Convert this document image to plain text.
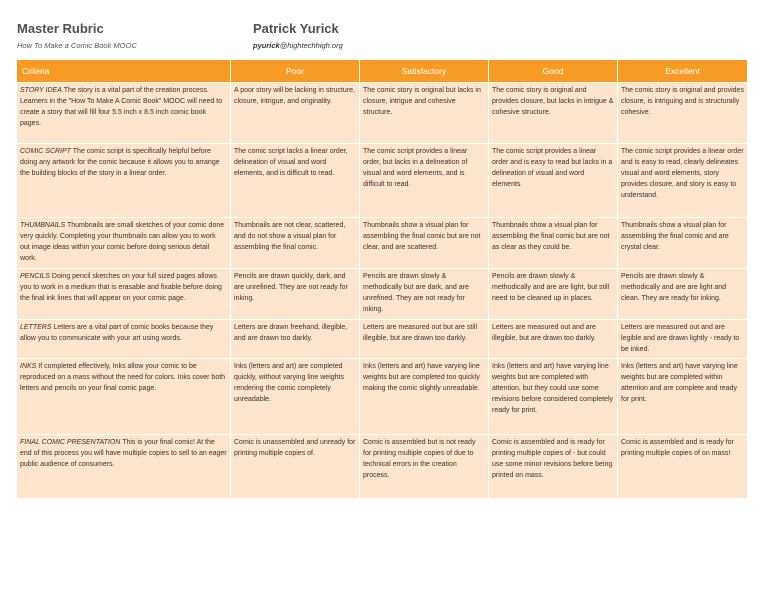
Master Rubric
How To Make a Comic Book MOOC
Patrick Yurick
pyurick@hightechhigh.org
Criteria	Poor	Satisfactory	Good	Excellent
STORY IDEA The story is a vital part of the creation process. Learners in the "How To Make A Comic Book" MOOC will need to create a story that will fill four 5.5 inch x 8.5 inch comic book pages.	A poor story will be lacking in structure, closure, intrigue, and originality.	The comic story is original but lacks in closure, intrigue and cohesive structure.	The comic story is original and provides closure, but lacks in intrigue & cohesive structure.	The comic story is original and provides closure, is intriguing and is structurally cohesive.
COMIC SCRIPT The comic script is specifically helpful before doing any artwork for the comic because it allows you to arrange the building blocks of the story in a linear order.	The comic script lacks a linear order, delineation of visual and word elements, and is difficult to read.	The comic script provides a linear order, but lacks in a delineation of visual and word elements, and is difficult to read.	The comic script provides a linear order and is easy to read but lacks in a delineation of visual and word elements.	The comic script provides a linear order and is easy to read, clearly delineates visual and word elements, story provides closure, and story is easy to understand.
THUMBNAILS Thumbnails are small sketches of your comic done very quickly. Completing your thumbnails can allow you to work out image ideas within your comic before doing serious detail work.	Thumbnails are not clear, scattered, and do not show a visual plan for assembling the final comic.	Thumbnails show a visual plan for assembling the final comic but are not clear, and are scattered.	Thumbnails show a visual plan for assembling the final comic but are not as clear as they could be.	Thumbnails show a visual plan for assembling the final comic and are crystal clear.
PENCILS Doing pencil sketches on your full sized pages allows you to work in a medium that is erasable and fixable before doing the final ink lines that will appear on your comic page.	Pencils are drawn quickly, dark, and are unrefined. They are not ready for inking.	Pencils are drawn slowly & methodically but are dark, and are unrefined. They are not ready for inking.	Pencils are drawn slowly & methodically and are are light, but still need to be cleaned up in places.	Pencils are drawn slowly & methodically and are are light and clean. They are ready for inking.
LETTERS Letters are a vital part of comic books because they allow you to communicate with your art using words.	Letters are drawn freehand, illegible, and are drawn too darkly.	Letters are measured out but are still illegible, but are drawn too darkly.	Letters are measured out and are illegible, but are drawn too darkly.	Letters are measured out and are legible and are drawn lightly - ready to be inked.
INKS If completed effectively, Inks allow your comic to be reproduced on a mass without the need for colors. Inks cover both letters and pencils on your final comic page.	Inks (letters and art) are completed quickly, without varying line weights rendering the comic completely unreadable.	Inks (letters and art) have varying line weights but are completed too quickly making the comic slightly unreadable.	Inks (letters and art) have varying line weights but are completed with attention, but they could use some revisions before considered completely ready for print.	Inks (letters and art) have varying line weights but are completed within attention and are complete and ready for print.
FINAL COMIC PRESENTATION This is your final comic! At the end of this process you will have multiple copies to sell to an eager public audience of consumers.	Comic is unassembled and unready for printing multiple copies of.	Comic is assembled but is not ready for printing multiple copies of due to technical errors in the creation process.	Comic is assembled and is ready for printing multiple copies of - but could use some minor revisions before being printed on mass.	Comic is assembled and is ready for printing multiple copies of on mass!
